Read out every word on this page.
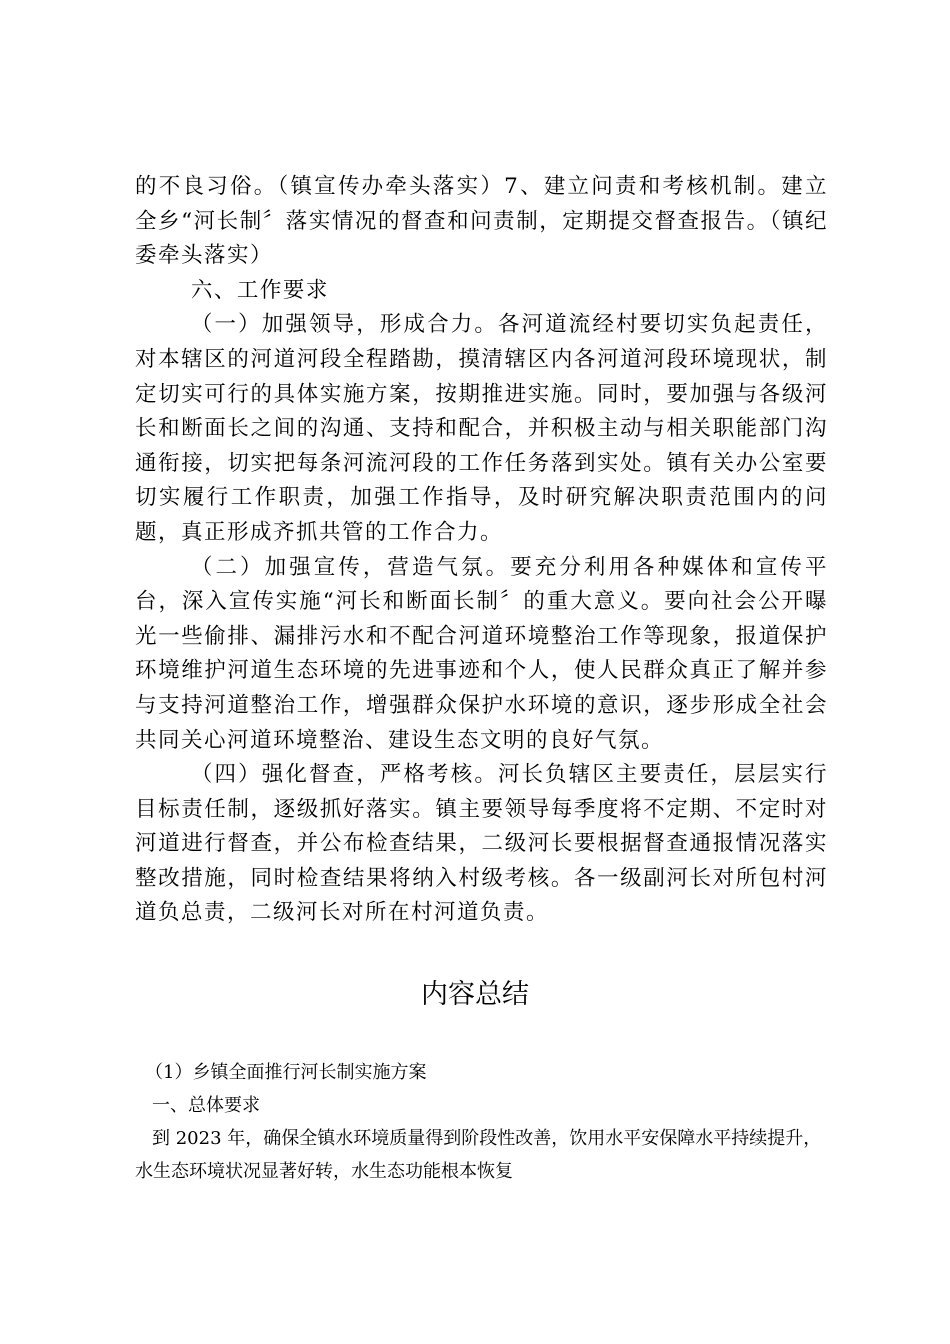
的不良习俗。（镇宣传办牵头落实）7、建立问责和考核机制。建立全乡“河长制〞落实情况的督查和问责制，定期提交督查报告。（镇纪委牵头落实）

六、工作要求

（一）加强领导，形成合力。各河道流经村要切实负起责任，对本辖区的河道河段全程踏勘，摸清辖区内各河道河段环境现状，制定切实可行的具体实施方案，按期推进实施。同时，要加强与各级河长和断面长之间的沟通、支持和配合，并积极主动与相关职能部门沟通衔接，切实把每条河流河段的工作任务落到实处。镇有关办公室要切实履行工作职责，加强工作指导，及时研究解决职责范围内的问题，真正形成齐抓共管的工作合力。

（二）加强宣传，营造气氛。要充分利用各种媒体和宣传平台，深入宣传实施“河长和断面长制〞的重大意义。要向社会公开曝光一些偷排、漏排污水和不配合河道环境整治工作等现象，报道保护环境维护河道生态环境的先进事迹和个人，使人民群众真正了解并参与支持河道整治工作，增强群众保护水环境的意识，逐步形成全社会共同关心河道环境整治、建设生态文明的良好气氛。

（四）强化督查，严格考核。河长负辖区主要责任，层层实行目标责任制，逐级抓好落实。镇主要领导每季度将不定期、不定时对河道进行督查，并公布检查结果，二级河长要根据督查通报情况落实整改措施，同时检查结果将纳入村级考核。各一级副河长对所包村河道负总责，二级河长对所在村河道负责。

内容总结

（1）乡镇全面推行河长制实施方案

一、总体要求

到 2023 年，确保全镇水环境质量得到阶段性改善，饮用水平安保障水平持续提升，水生态环境状况显著好转，水生态功能根本恢复
